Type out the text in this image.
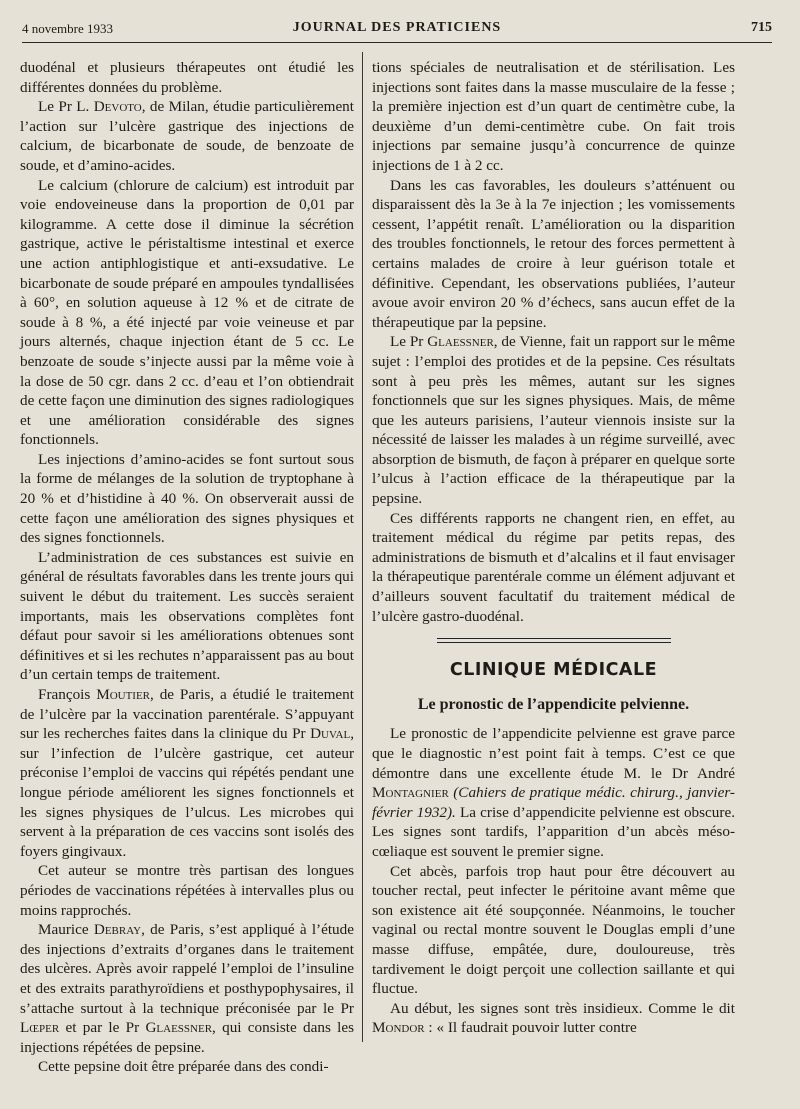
4 novembre 1933	JOURNAL DES PRATICIENS	715

duodénal et plusieurs thérapeutes ont étudié les différentes données du problème.

Le Pr L. Devoto, de Milan, étudie particulièrement l’action sur l’ulcère gastrique des injections de calcium, de bicarbonate de soude, de benzoate de soude, et d’amino-acides.

Le calcium (chlorure de calcium) est introduit par voie endoveineuse dans la proportion de 0,01 par kilogramme. A cette dose il diminue la sécrétion gastrique, active le péristaltisme intestinal et exerce une action antiphlogistique et anti-exsudative. Le bicarbonate de soude préparé en ampoules tyndallisées à 60°, en solution aqueuse à 12 % et de citrate de soude à 8 %, a été injecté par voie veineuse et par jours alternés, chaque injection étant de 5 cc. Le benzoate de soude s’injecte aussi par la même voie à la dose de 50 cgr. dans 2 cc. d’eau et l’on obtiendrait de cette façon une diminution des signes radiologiques et une amélioration considérable des signes fonctionnels.

Les injections d’amino-acides se font surtout sous la forme de mélanges de la solution de tryptophane à 20 % et d’histidine à 40 %. On observerait aussi de cette façon une amélioration des signes physiques et des signes fonctionnels.

L’administration de ces substances est suivie en général de résultats favorables dans les trente jours qui suivent le début du traitement. Les succès seraient importants, mais les observations complètes font défaut pour savoir si les améliorations obtenues sont définitives et si les rechutes n’apparaissent pas au bout d’un certain temps de traitement.

François Moutier, de Paris, a étudié le traitement de l’ulcère par la vaccination parentérale. S’appuyant sur les recherches faites dans la clinique du Pr Duval, sur l’infection de l’ulcère gastrique, cet auteur préconise l’emploi de vaccins qui répétés pendant une longue période améliorent les signes fonctionnels et les signes physiques de l’ulcus. Les microbes qui servent à la préparation de ces vaccins sont isolés des foyers gingivaux.

Cet auteur se montre très partisan des longues périodes de vaccinations répétées à intervalles plus ou moins rapprochés.

Maurice Debray, de Paris, s’est appliqué à l’étude des injections d’extraits d’organes dans le traitement des ulcères. Après avoir rappelé l’emploi de l’insuline et des extraits parathyroïdiens et posthypophysaires, il s’attache surtout à la technique préconisée par le Pr Lœper et par le Pr Glaessner, qui consiste dans les injections répétées de pepsine.

Cette pepsine doit être préparée dans des condi-

tions spéciales de neutralisation et de stérilisation. Les injections sont faites dans la masse musculaire de la fesse ; la première injection est d’un quart de centimètre cube, la deuxième d’un demi-centimètre cube. On fait trois injections par semaine jusqu’à concurrence de quinze injections de 1 à 2 cc.

Dans les cas favorables, les douleurs s’atténuent ou disparaissent dès la 3e à la 7e injection ; les vomissements cessent, l’appétit renaît. L’amélioration ou la disparition des troubles fonctionnels, le retour des forces permettent à certains malades de croire à leur guérison totale et définitive. Cependant, les observations publiées, l’auteur avoue avoir environ 20 % d’échecs, sans aucun effet de la thérapeutique par la pepsine.

Le Pr Glaessner, de Vienne, fait un rapport sur le même sujet : l’emploi des protides et de la pepsine. Ces résultats sont à peu près les mêmes, autant sur les signes fonctionnels que sur les signes physiques. Mais, de même que les auteurs parisiens, l’auteur viennois insiste sur la nécessité de laisser les malades à un régime surveillé, avec absorption de bismuth, de façon à préparer en quelque sorte l’ulcus à l’action efficace de la thérapeutique par la pepsine.

Ces différents rapports ne changent rien, en effet, au traitement médical du régime par petits repas, des administrations de bismuth et d’alcalins et il faut envisager la thérapeutique parentérale comme un élément adjuvant et d’ailleurs souvent facultatif du traitement médical de l’ulcère gastro-duodénal.

CLINIQUE MÉDICALE
Le pronostic de l’appendicite pelvienne.

Le pronostic de l’appendicite pelvienne est grave parce que le diagnostic n’est point fait à temps. C’est ce que démontre dans une excellente étude M. le Dr André Montagnier (Cahiers de pratique médic. chirurg., janvier-février 1932). La crise d’appendicite pelvienne est obscure. Les signes sont tardifs, l’apparition d’un abcès méso-cœliaque est souvent le premier signe.

Cet abcès, parfois trop haut pour être découvert au toucher rectal, peut infecter le péritoine avant même que son existence ait été soupçonnée. Néanmoins, le toucher vaginal ou rectal montre souvent le Douglas empli d’une masse diffuse, empâtée, dure, douloureuse, très tardivement le doigt perçoit une collection saillante et qui fluctue.

Au début, les signes sont très insidieux. Comme le dit Mondor : « Il faudrait pouvoir lutter contre
